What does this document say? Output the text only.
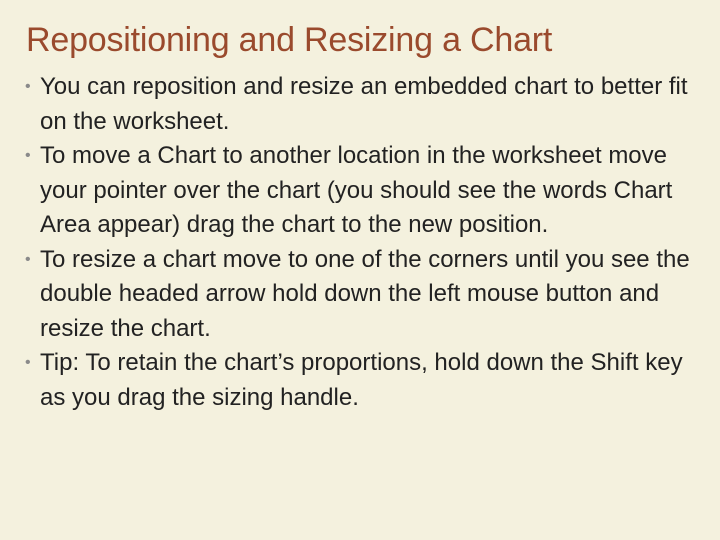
Repositioning and Resizing a Chart
• You can reposition and resize an embedded chart to better fit on the worksheet.
• To move a Chart to another location in the worksheet move your pointer over the chart (you should see the words Chart Area appear) drag the chart to the new position.
• To resize a chart move to one of the corners until you see the double headed arrow hold down the left mouse button and resize the chart.
• Tip: To retain the chart’s proportions, hold down the Shift key as you drag the sizing handle.
